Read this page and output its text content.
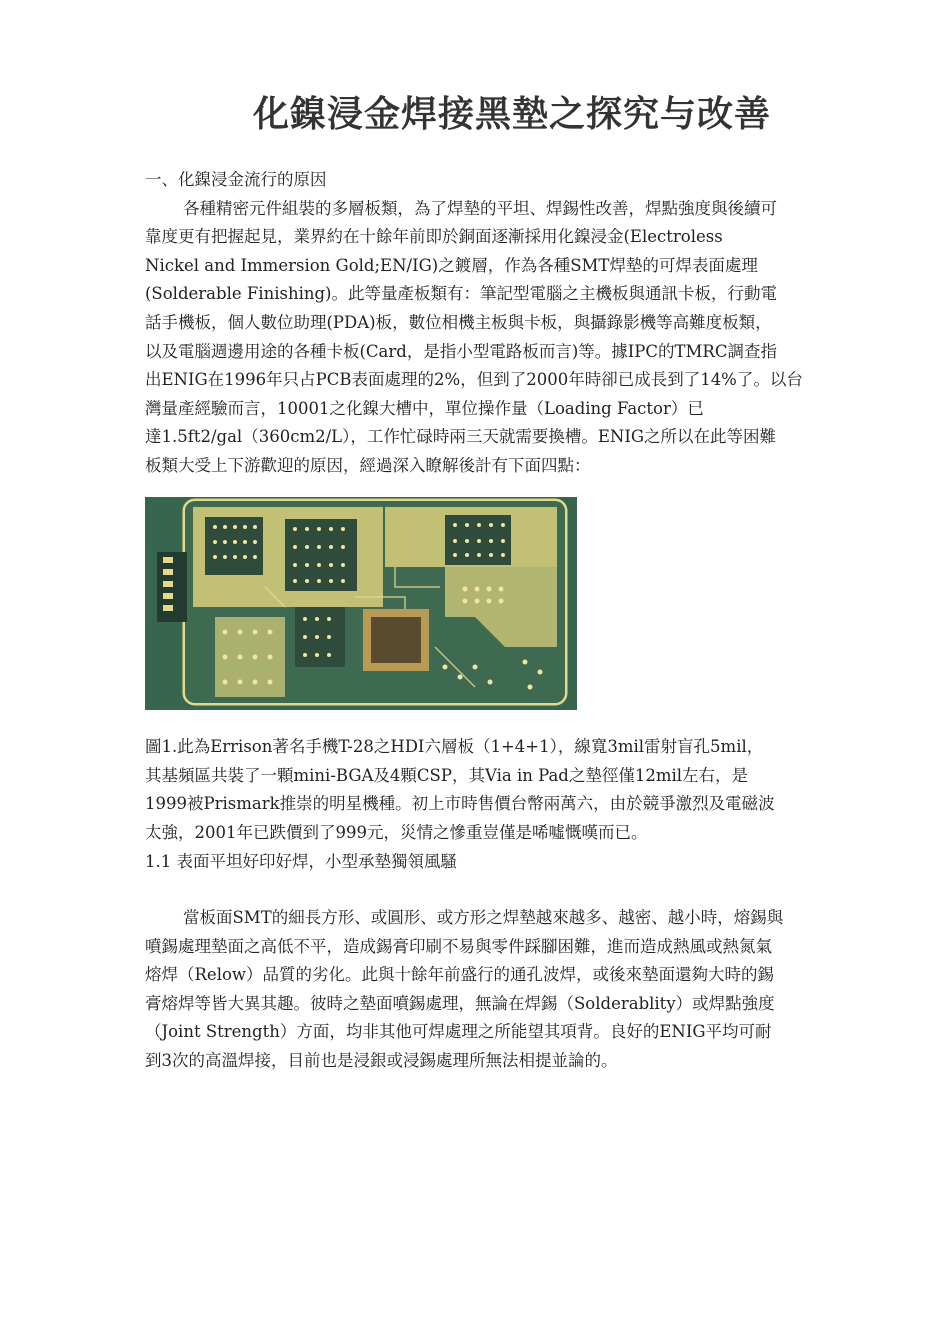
化鎳浸金焊接黑墊之探究与改善

一、化鎳浸金流行的原因

各種精密元件組裝的多層板類，為了焊墊的平坦、焊錫性改善，焊點強度與後續可

靠度更有把握起見，業界約在十餘年前即於銅面逐漸採用化鎳浸金(Electroless

Nickel and Immersion Gold;EN/IG)之鍍層，作為各種SMT焊墊的可焊表面處理

(Solderable Finishing)。此等量產板類有：筆記型電腦之主機板與通訊卡板，行動電

話手機板，個人數位助理(PDA)板，數位相機主板與卡板，與攝錄影機等高難度板類，

以及電腦週邊用途的各種卡板(Card，是指小型電路板而言)等。據IPC的TMRC調查指

出ENIG在1996年只占PCB表面處理的2%，但到了2000年時卻已成長到了14%了。以台

灣量產經驗而言，10001之化鎳大槽中，單位操作量（Loading Factor）已

達1.5ft2/gal（360cm2/L），工作忙碌時兩三天就需要換槽。ENIG之所以在此等困難

板類大受上下游歡迎的原因，經過深入瞭解後計有下面四點：

圖1.此為Errison著名手機T-28之HDI六層板（1+4+1），線寬3mil雷射盲孔5mil，

其基頻區共裝了一顆mini-BGA及4顆CSP，其Via in Pad之墊徑僅12mil左右，是

1999被Prismark推崇的明星機種。初上市時售價台幣兩萬六，由於競爭激烈及電磁波

太強，2001年已跌價到了999元，災情之慘重豈僅是唏噓慨嘆而已。

1.1 表面平坦好印好焊，小型承墊獨領風騷

當板面SMT的細長方形、或圓形、或方形之焊墊越來越多、越密、越小時，熔錫與

噴錫處理墊面之高低不平，造成錫膏印刷不易與零件踩腳困難，進而造成熱風或熱氮氣

熔焊（Relow）品質的劣化。此與十餘年前盛行的通孔波焊，或後來墊面還夠大時的錫

膏熔焊等皆大異其趣。彼時之墊面噴錫處理，無論在焊錫（Solderablity）或焊點強度

（Joint Strength）方面，均非其他可焊處理之所能望其項背。良好的ENIG平均可耐

到3次的高溫焊接，目前也是浸銀或浸錫處理所無法相提並論的。
